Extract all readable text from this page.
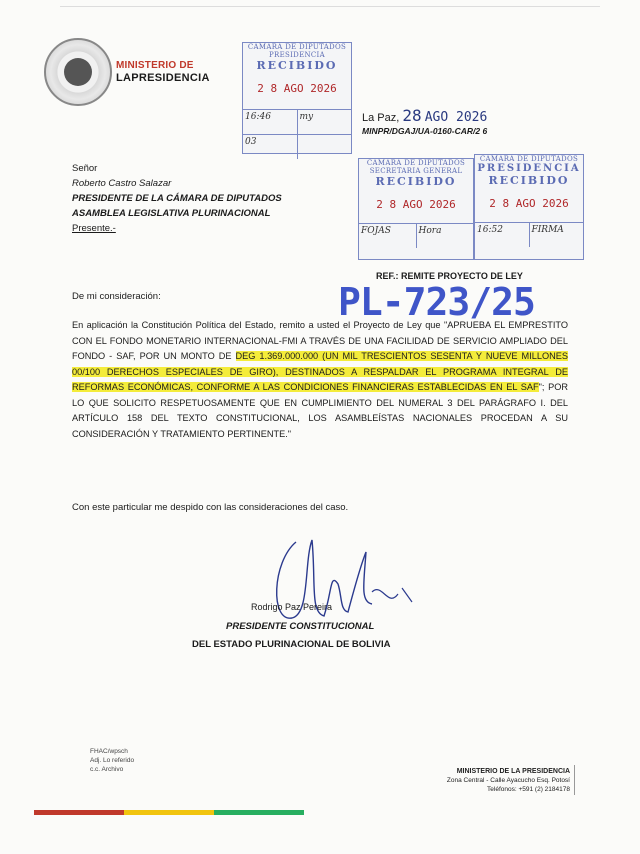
MINISTERIO DE
LAPRESIDENCIA
CAMARA DE DIPUTADOS
PRESIDENCIA
RECIBIDO
2 8 AGO 2026
16:46	my
03
CAMARA DE DIPUTADOS
SECRETARIA GENERAL
RECIBIDO
2 8 AGO 2026
FOJAS	Hora
CAMARA DE DIPUTADOS
PRESIDENCIA
RECIBIDO
2 8 AGO 2026
16:52	FIRMA
La Paz, 28 AGO 2026
MINPR/DGAJ/UA-0160-CAR/2 6
Señor
Roberto Castro Salazar
PRESIDENTE DE LA CÁMARA DE DIPUTADOS
ASAMBLEA LEGISLATIVA PLURINACIONAL
Presente.-
REF.: REMITE PROYECTO DE LEY
PL-723/25
De mi consideración:
En aplicación la Constitución Política del Estado, remito a usted el Proyecto de Ley que "APRUEBA EL EMPRESTITO CON EL FONDO MONETARIO INTERNACIONAL-FMI A TRAVÉS DE UNA FACILIDAD DE SERVICIO AMPLIADO DEL FONDO - SAF, POR UN MONTO DE DEG 1.369.000.000 (UN MIL TRESCIENTOS SESENTA Y NUEVE MILLONES 00/100 DERECHOS ESPECIALES DE GIRO), DESTINADOS A RESPALDAR EL PROGRAMA INTEGRAL DE REFORMAS ECONÓMICAS, CONFORME A LAS CONDICIONES FINANCIERAS ESTABLECIDAS EN EL SAF"; POR LO QUE SOLICITO RESPETUOSAMENTE QUE EN CUMPLIMIENTO DEL NUMERAL 3 DEL PARÁGRAFO I. DEL ARTÍCULO 158 DEL TEXTO CONSTITUCIONAL, LOS ASAMBLEÍSTAS NACIONALES PROCEDAN A SU CONSIDERACIÓN Y TRATAMIENTO PERTINENTE."
Con este particular me despido con las consideraciones del caso.
Rodrigo Paz Pereira
PRESIDENTE CONSTITUCIONAL
DEL ESTADO PLURINACIONAL DE BOLIVIA
FHAC/wpsch
Adj. Lo referido
c.c. Archivo	MINISTERIO DE LA PRESIDENCIA
Zona Central - Calle Ayacucho Esq. Potosí
Teléfonos: +591 (2) 2184178
